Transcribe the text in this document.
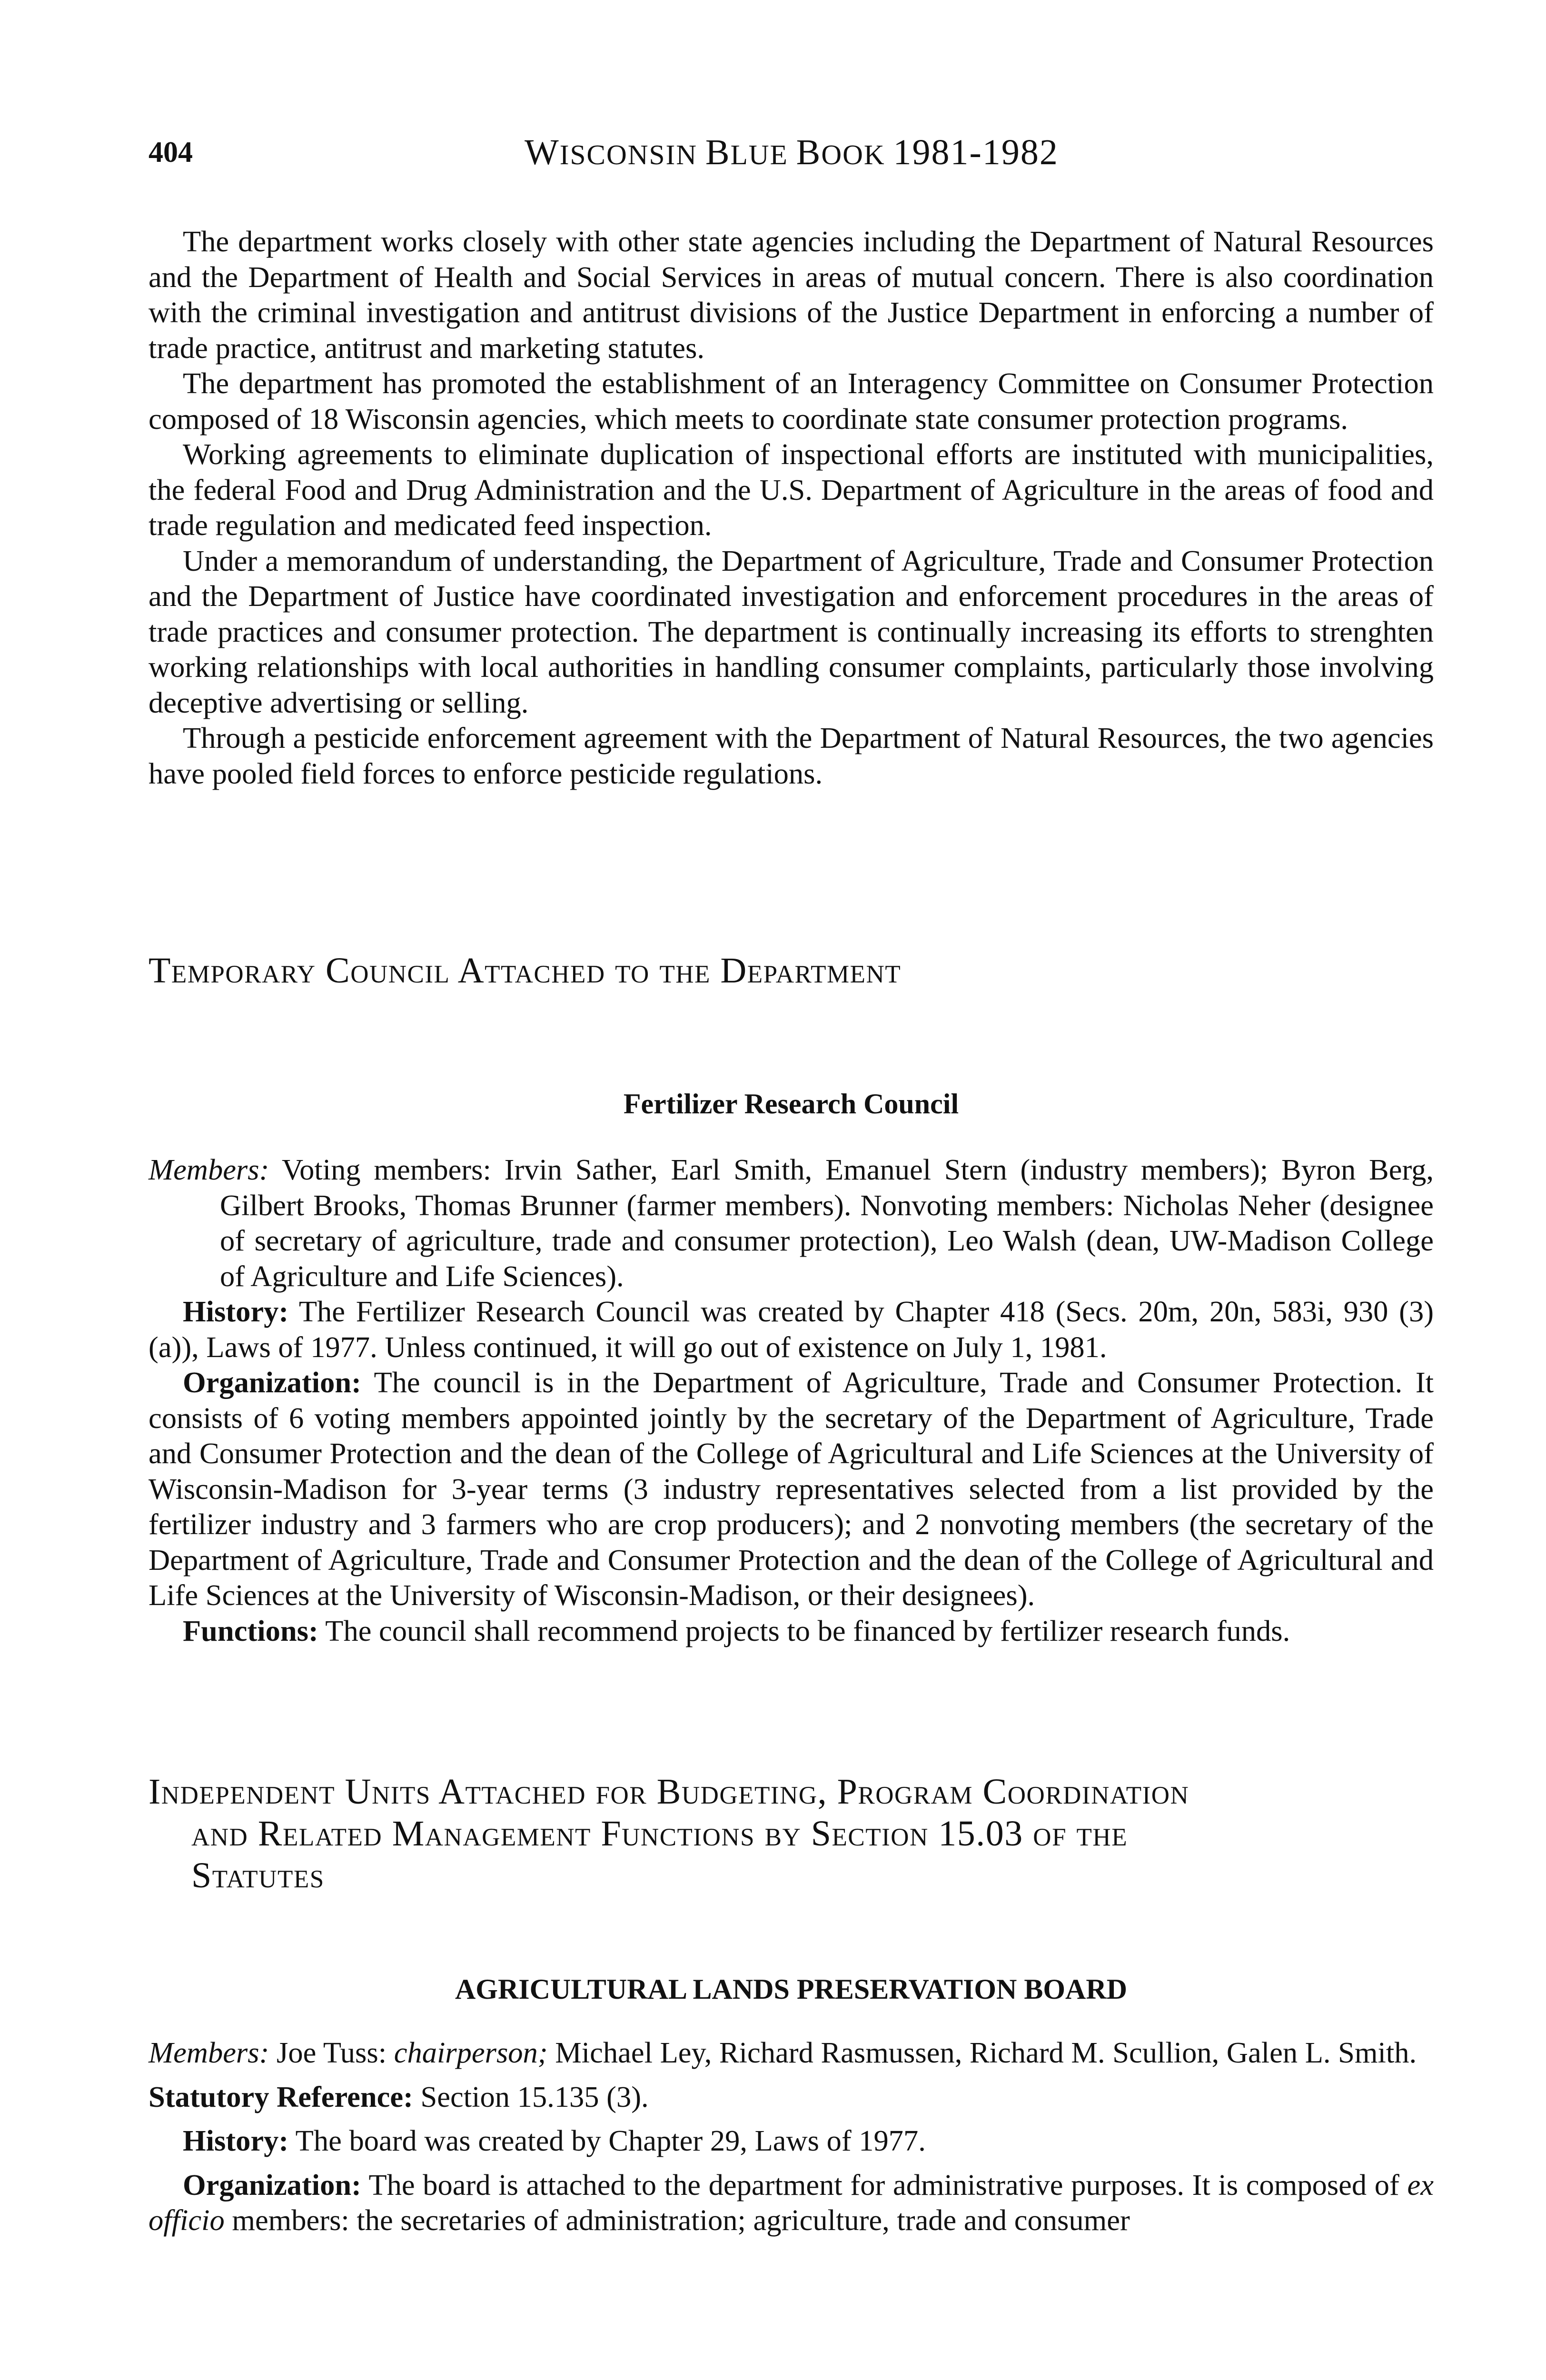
404	WISCONSIN BLUE BOOK 1981-1982

The department works closely with other state agencies including the Department of Natural Resources and the Department of Health and Social Services in areas of mutual concern. There is also coordination with the criminal investigation and antitrust divisions of the Justice Department in enforcing a number of trade practice, antitrust and marketing statutes.

The department has promoted the establishment of an Interagency Committee on Consumer Protection composed of 18 Wisconsin agencies, which meets to coordinate state consumer protection programs.

Working agreements to eliminate duplication of inspectional efforts are instituted with municipalities, the federal Food and Drug Administration and the U.S. Department of Agriculture in the areas of food and trade regulation and medicated feed inspection.

Under a memorandum of understanding, the Department of Agriculture, Trade and Consumer Protection and the Department of Justice have coordinated investigation and enforcement procedures in the areas of trade practices and consumer protection. The department is continually increasing its efforts to strenghten working relationships with local authorities in handling consumer complaints, particularly those involving deceptive advertising or selling.

Through a pesticide enforcement agreement with the Department of Natural Resources, the two agencies have pooled field forces to enforce pesticide regulations.

Temporary Council Attached to the Department
Fertilizer Research Council

Members: Voting members: Irvin Sather, Earl Smith, Emanuel Stern (industry members); Byron Berg, Gilbert Brooks, Thomas Brunner (farmer members). Nonvoting members: Nicholas Neher (designee of secretary of agriculture, trade and consumer protection), Leo Walsh (dean, UW-Madison College of Agriculture and Life Sciences).

History: The Fertilizer Research Council was created by Chapter 418 (Secs. 20m, 20n, 583i, 930 (3) (a)), Laws of 1977. Unless continued, it will go out of existence on July 1, 1981.

Organization: The council is in the Department of Agriculture, Trade and Consumer Protection. It consists of 6 voting members appointed jointly by the secretary of the Department of Agriculture, Trade and Consumer Protection and the dean of the College of Agricultural and Life Sciences at the University of Wisconsin-Madison for 3-year terms (3 industry representatives selected from a list provided by the fertilizer industry and 3 farmers who are crop producers); and 2 nonvoting members (the secretary of the Department of Agriculture, Trade and Consumer Protection and the dean of the College of Agricultural and Life Sciences at the University of Wisconsin-Madison, or their designees).

Functions: The council shall recommend projects to be financed by fertilizer research funds.

Independent Units Attached for Budgeting, Program Coordination
and Related Management Functions by Section 15.03 of the
Statutes
AGRICULTURAL LANDS PRESERVATION BOARD

Members: Joe Tuss: chairperson; Michael Ley, Richard Rasmussen, Richard M. Scullion, Galen L. Smith.

Statutory Reference: Section 15.135 (3).

History: The board was created by Chapter 29, Laws of 1977.

Organization: The board is attached to the department for administrative purposes. It is composed of ex officio members: the secretaries of administration; agriculture, trade and consumer
